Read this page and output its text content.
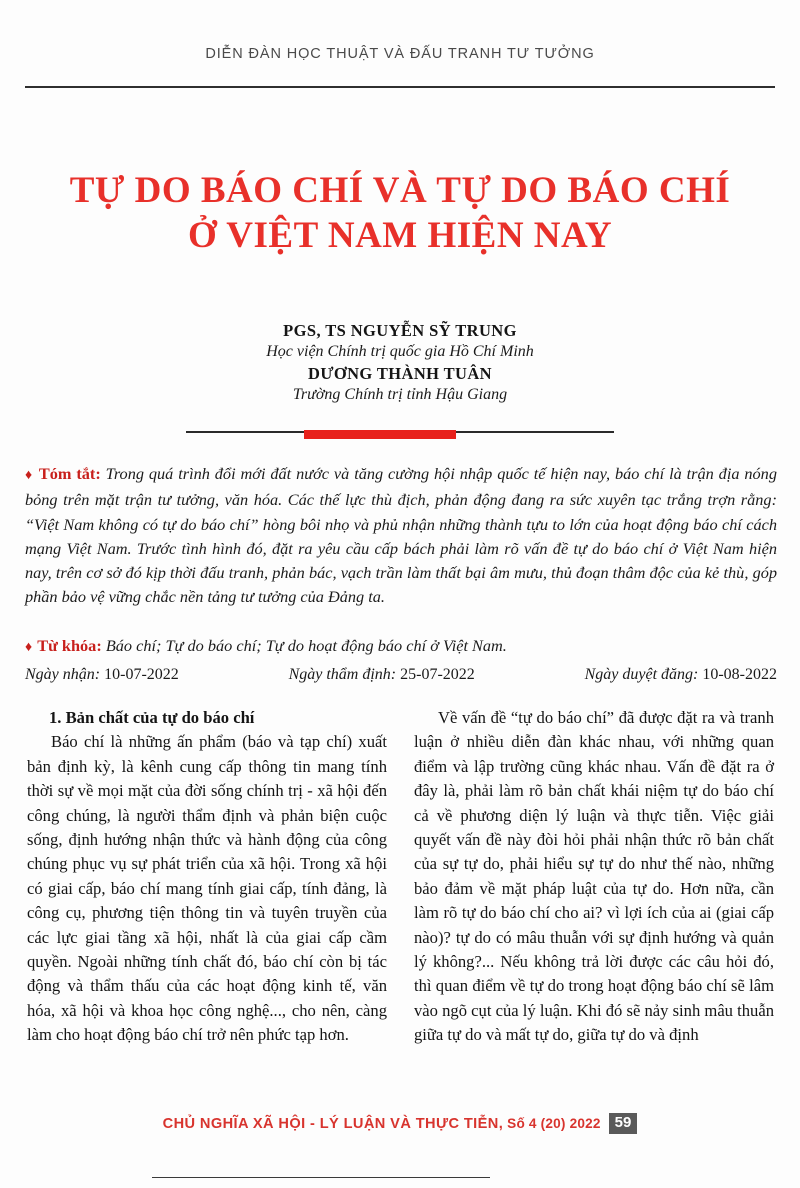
DIỄN ĐÀN HỌC THUẬT VÀ ĐẤU TRANH TƯ TƯỞNG
TỰ DO BÁO CHÍ VÀ TỰ DO BÁO CHÍ
Ở VIỆT NAM HIỆN NAY
PGS, TS NGUYỄN SỸ TRUNG
Học viện Chính trị quốc gia Hồ Chí Minh
DƯƠNG THÀNH TUÂN
Trường Chính trị tỉnh Hậu Giang
♦ Tóm tắt: Trong quá trình đổi mới đất nước và tăng cường hội nhập quốc tế hiện nay, báo chí là trận địa nóng bỏng trên mặt trận tư tưởng, văn hóa. Các thế lực thù địch, phản động đang ra sức xuyên tạc trắng trợn rằng: “Việt Nam không có tự do báo chí” hòng bôi nhọ và phủ nhận những thành tựu to lớn của hoạt động báo chí cách mạng Việt Nam. Trước tình hình đó, đặt ra yêu cầu cấp bách phải làm rõ vấn đề tự do báo chí ở Việt Nam hiện nay, trên cơ sở đó kịp thời đấu tranh, phản bác, vạch trần làm thất bại âm mưu, thủ đoạn thâm độc của kẻ thù, góp phần bảo vệ vững chắc nền tảng tư tưởng của Đảng ta.
♦ Từ khóa: Báo chí; Tự do báo chí; Tự do hoạt động báo chí ở Việt Nam.
Ngày nhận: 10-07-2022	Ngày thẩm định: 25-07-2022	Ngày duyệt đăng: 10-08-2022
1. Bản chất của tự do báo chí

Báo chí là những ấn phẩm (báo và tạp chí) xuất bản định kỳ, là kênh cung cấp thông tin mang tính thời sự về mọi mặt của đời sống chính trị - xã hội đến công chúng, là người thẩm định và phản biện cuộc sống, định hướng nhận thức và hành động của công chúng phục vụ sự phát triển của xã hội. Trong xã hội có giai cấp, báo chí mang tính giai cấp, tính đảng, là công cụ, phương tiện thông tin và tuyên truyền của các lực giai tầng xã hội, nhất là của giai cấp cầm quyền. Ngoài những tính chất đó, báo chí còn bị tác động và thẩm thấu của các hoạt động kinh tế, văn hóa, xã hội và khoa học công nghệ..., cho nên, càng làm cho hoạt động báo chí trở nên phức tạp hơn.

Về vấn đề “tự do báo chí” đã được đặt ra và tranh luận ở nhiều diễn đàn khác nhau, với những quan điểm và lập trường cũng khác nhau. Vấn đề đặt ra ở đây là, phải làm rõ bản chất khái niệm tự do báo chí cả về phương diện lý luận và thực tiễn. Việc giải quyết vấn đề này đòi hỏi phải nhận thức rõ bản chất của sự tự do, phải hiểu sự tự do như thế nào, những bảo đảm về mặt pháp luật của tự do. Hơn nữa, cần làm rõ tự do báo chí cho ai? vì lợi ích của ai (giai cấp nào)? tự do có mâu thuẫn với sự định hướng và quản lý không?... Nếu không trả lời được các câu hỏi đó, thì quan điểm về tự do trong hoạt động báo chí sẽ lâm vào ngõ cụt của lý luận. Khi đó sẽ nảy sinh mâu thuẫn giữa tự do và mất tự do, giữa tự do và định

CHỦ NGHĨA XÃ HỘI - LÝ LUẬN VÀ THỰC TIỄN, Số 4 (20) 2022 59
